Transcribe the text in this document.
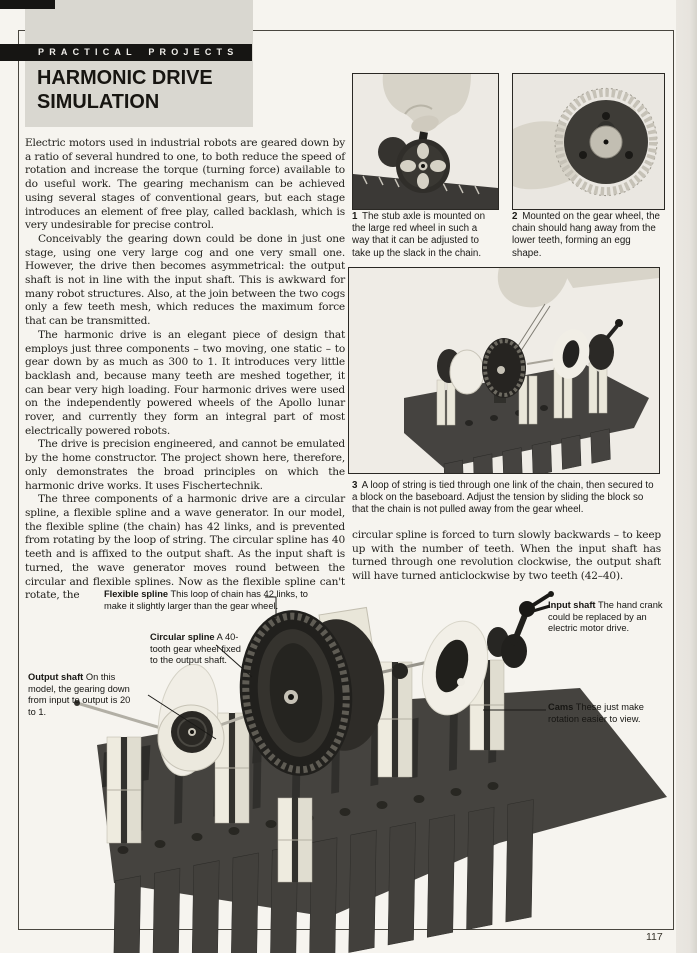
PRACTICAL PROJECTS
HARMONIC DRIVE
SIMULATION

Electric motors used in industrial robots are geared down by a ratio of several hundred to one, to both reduce the speed of rotation and increase the torque (turning force) available to do useful work. The gearing mechanism can be achieved using several stages of conventional gears, but each stage introduces an element of free play, called backlash, which is very undesirable for precise control.

Conceivably the gearing down could be done in just one stage, using one very large cog and one very small one. However, the drive then becomes asymmetrical: the output shaft is not in line with the input shaft. This is awkward for many robot structures. Also, at the join between the two cogs only a few teeth mesh, which reduces the maximum force that can be transmitted.

The harmonic drive is an elegant piece of design that employs just three components – two moving, one static – to gear down by as much as 300 to 1. It introduces very little backlash and, because many teeth are meshed together, it can bear very high loading. Four harmonic drives were used on the independently powered wheels of the Apollo lunar rover, and currently they form an integral part of most electrically powered robots.

The drive is precision engineered, and cannot be emulated by the home constructor. The project shown here, therefore, only demonstrates the broad principles on which the harmonic drive works. It uses Fischertechnik.

The three components of a harmonic drive are a circular spline, a flexible spline and a wave generator. In our model, the flexible spline (the chain) has 42 links, and is prevented from rotating by the loop of string. The circular spline has 40 teeth and is affixed to the output shaft. As the input shaft is turned, the wave generator moves round between the circular and flexible splines. Now as the flexible spline can't rotate, the

1 The stub axle is mounted on the large red wheel in such a way that it can be adjusted to take up the slack in the chain.
2 Mounted on the gear wheel, the chain should hang away from the lower teeth, forming an egg shape.
3 A loop of string is tied through one link of the chain, then secured to a block on the baseboard. Adjust the tension by sliding the block so that the chain is not pulled away from the gear wheel.

circular spline is forced to turn slowly backwards – to keep up with the number of teeth. When the input shaft has turned through one revolution clockwise, the output shaft will have turned anticlockwise by two teeth (42–40).

Flexible spline This loop of chain has 42 links, to make it slightly larger than the gear wheel.
Circular spline A 40-tooth gear wheel fixed to the output shaft.
Output shaft On this model, the gearing down from input to output is 20 to 1.
Input shaft The hand crank could be replaced by an electric motor drive.
Cams These just make rotation easier to view.
117
